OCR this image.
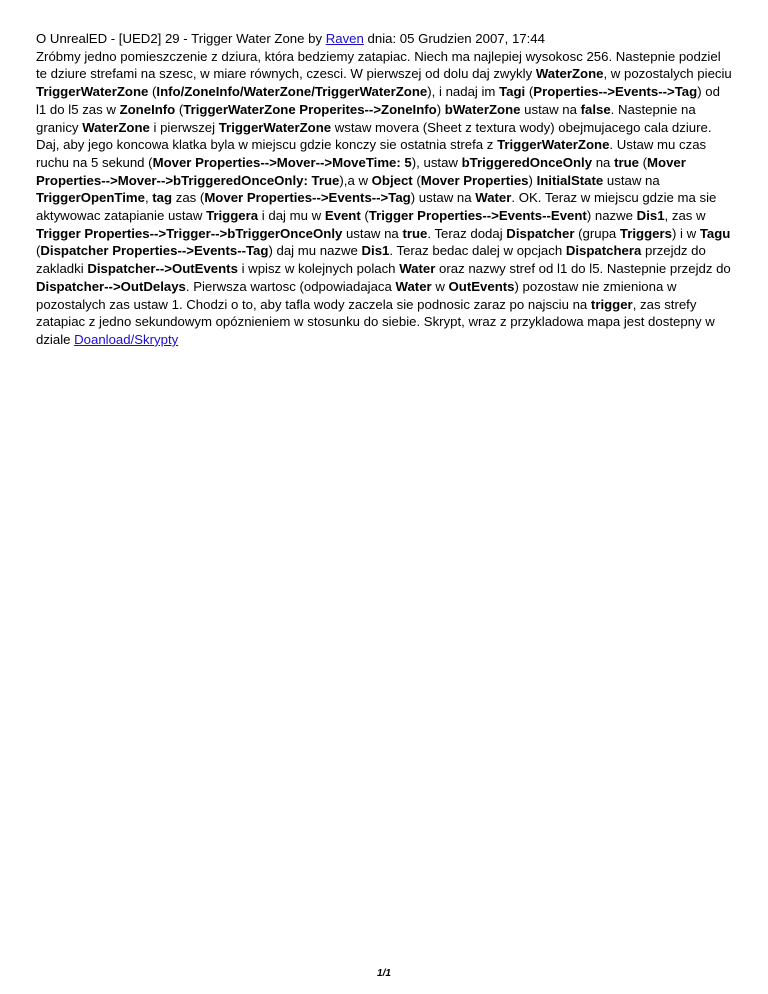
O UnrealED - [UED2] 29 - Trigger Water Zone by Raven dnia: 05 Grudzien 2007, 17:44
Zróbmy jedno pomieszczenie z dziura, która bedziemy zatapiac. Niech ma najlepiej wysokosc 256. Nastepnie podziel te dziure strefami na szesc, w miare równych, czesci. W pierwszej od dolu daj zwykly WaterZone, w pozostalych pieciu TriggerWaterZone (Info/ZoneInfo/WaterZone/TriggerWaterZone), i nadaj im Tagi (Properties-->Events-->Tag) od l1 do l5 zas w ZoneInfo (TriggerWaterZone Properites-->ZoneInfo) bWaterZone ustaw na false. Nastepnie na granicy WaterZone i pierwszej TriggerWaterZone wstaw movera (Sheet z textura wody) obejmujacego cala dziure. Daj, aby jego koncowa klatka byla w miejscu gdzie konczy sie ostatnia strefa z TriggerWaterZone. Ustaw mu czas ruchu na 5 sekund (Mover Properties-->Mover-->MoveTime: 5), ustaw bTriggeredOnceOnly na true (Mover Properties-->Mover-->bTriggeredOnceOnly: True),a w Object (Mover Properties) InitialState ustaw na TriggerOpenTime, tag zas (Mover Properties-->Events-->Tag) ustaw na Water. OK. Teraz w miejscu gdzie ma sie aktywowac zatapianie ustaw Triggera i daj mu w Event (Trigger Properties-->Events--Event) nazwe Dis1, zas w Trigger Properties-->Trigger-->bTriggerOnceOnly ustaw na true. Teraz dodaj Dispatcher (grupa Triggers) i w Tagu (Dispatcher Properties-->Events--Tag) daj mu nazwe Dis1. Teraz bedac dalej w opcjach Dispatchera przejdz do zakladki Dispatcher-->OutEvents i wpisz w kolejnych polach Water oraz nazwy stref od l1 do l5. Nastepnie przejdz do Dispatcher-->OutDelays. Pierwsza wartosc (odpowiadajaca Water w OutEvents) pozostaw nie zmieniona w pozostalych zas ustaw 1. Chodzi o to, aby tafla wody zaczela sie podnosic zaraz po najsciu na trigger, zas strefy zatapiac z jedno sekundowym opóznieniem w stosunku do siebie. Skrypt, wraz z przykladowa mapa jest dostepny w dziale Doanload/Skrypty
1/1
